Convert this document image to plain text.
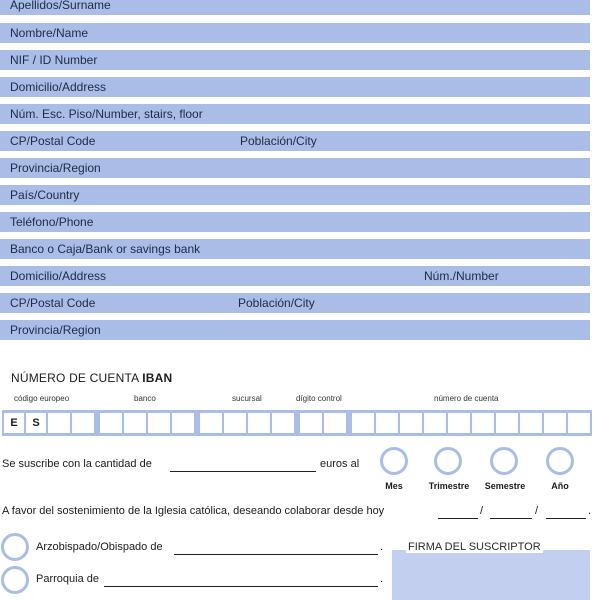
Apellidos/Surname
Nombre/Name
NIF / ID Number
Domicilio/Address
Núm. Esc. Piso/Number, stairs, floor
CP/Postal Code	Población/City
Provincia/Region
País/Country
Teléfono/Phone
Banco o Caja/Bank or savings bank
Domicilio/Address	Núm./Number
CP/Postal Code	Población/City
Provincia/Region
NÚMERO DE CUENTA IBAN
código europeo	banco	sucursal	dígito control	número de cuenta
E	S
Se suscribe con la cantidad de	euros al
Mes	Trimestre	Semestre	Año
A favor del sostenimiento de la Iglesia católica, deseando colaborar desde hoy	/	/	.
Arzobispado/Obispado de	.
Parroquia de	.
FIRMA DEL SUSCRIPTOR
